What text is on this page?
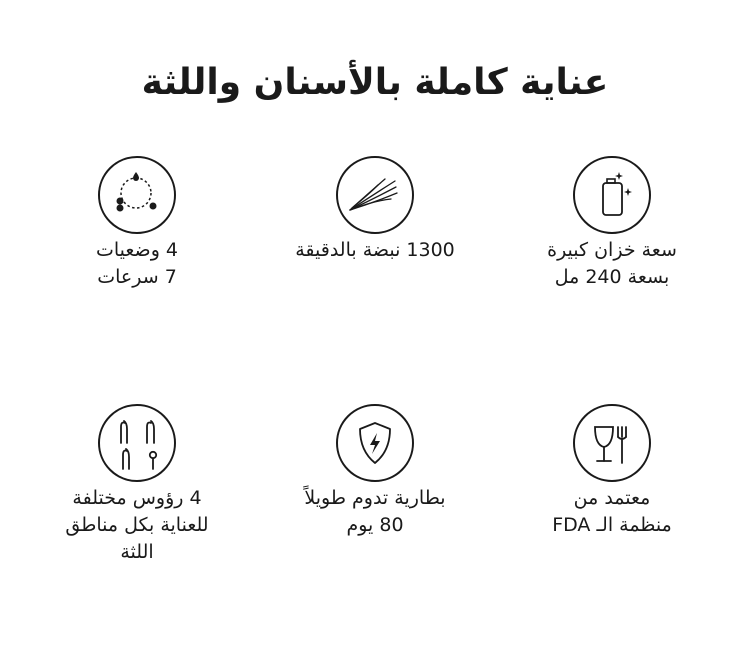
عناية كاملة بالأسنان واللثة
سعة خزان كبيرة
بسعة 240 مل
1300 نبضة بالدقيقة
4 وضعيات
7 سرعات
معتمد من
منظمة الـ FDA
بطارية تدوم طويلاً
80 يوم
4 رؤوس مختلفة
للعناية بكل مناطق
اللثة
